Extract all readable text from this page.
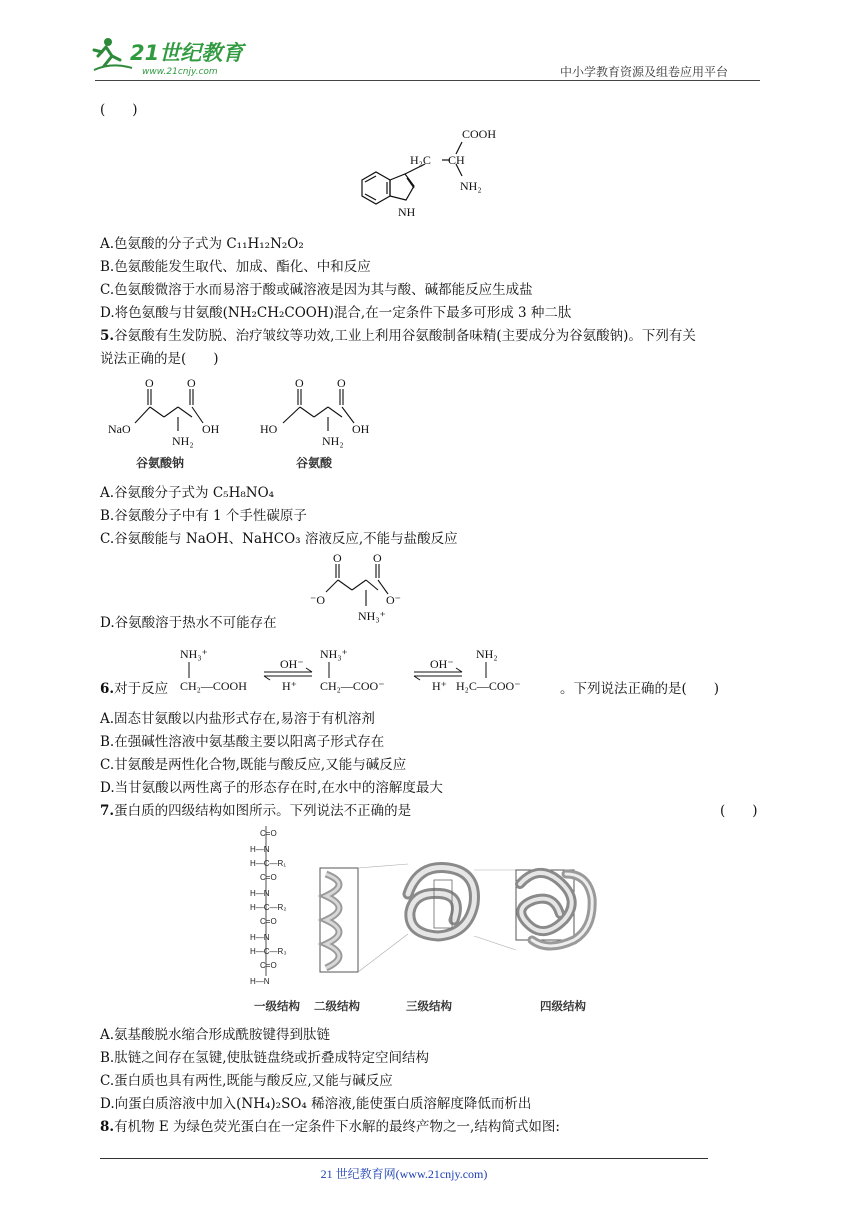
21世纪教育
www.21cnjy.com	中小学教育资源及组卷应用平台
(　　)
COOH
H₂C CH
NH₂
NH
A.色氨酸的分子式为 C₁₁H₁₂N₂O₂
B.色氨酸能发生取代、加成、酯化、中和反应
C.色氨酸微溶于水而易溶于酸或碱溶液是因为其与酸、碱都能反应生成盐
D.将色氨酸与甘氨酸(NH₂CH₂COOH)混合,在一定条件下最多可形成 3 种二肽
5.谷氨酸有生发防脱、治疗皱纹等功效,工业上利用谷氨酸制备味精(主要成分为谷氨酸钠)。下列有关
说法正确的是(　　)
O	O
NaO	OH
NH₂
谷氨酸钠
O	O
HO	OH
NH₂
谷氨酸
A.谷氨酸分子式为 C₅H₈NO₄
B.谷氨酸分子中有 1 个手性碳原子
C.谷氨酸能与 NaOH、NaHCO₃ 溶液反应,不能与盐酸反应
O	O
⁻O	O⁻
NH₃⁺
D.谷氨酸溶于热水不可能存在
6.对于反应
NH₃⁺
CH₂—COOH
OH⁻
H⁺
NH₃⁺
CH₂—COO⁻
OH⁻
H⁺
NH₂
H₂C—COO⁻	。下列说法正确的是(　　)
A.固态甘氨酸以内盐形式存在,易溶于有机溶剂
B.在强碱性溶液中氨基酸主要以阳离子形式存在
C.甘氨酸是两性化合物,既能与酸反应,又能与碱反应
D.当甘氨酸以两性离子的形态存在时,在水中的溶解度最大
7.蛋白质的四级结构如图所示。下列说法不正确的是	(　　)
C=O
H—N
H—C—R₁
C=O
H—N
H—C—R₂
C=O
H—N
H—C—R₃
C=O
H—N
一级结构 二级结构	三级结构	四级结构
A.氨基酸脱水缩合形成酰胺键得到肽链
B.肽链之间存在氢键,使肽链盘绕或折叠成特定空间结构
C.蛋白质也具有两性,既能与酸反应,又能与碱反应
D.向蛋白质溶液中加入(NH₄)₂SO₄ 稀溶液,能使蛋白质溶解度降低而析出
8.有机物 E 为绿色荧光蛋白在一定条件下水解的最终产物之一,结构简式如图:
21 世纪教育网(www.21cnjy.com)
